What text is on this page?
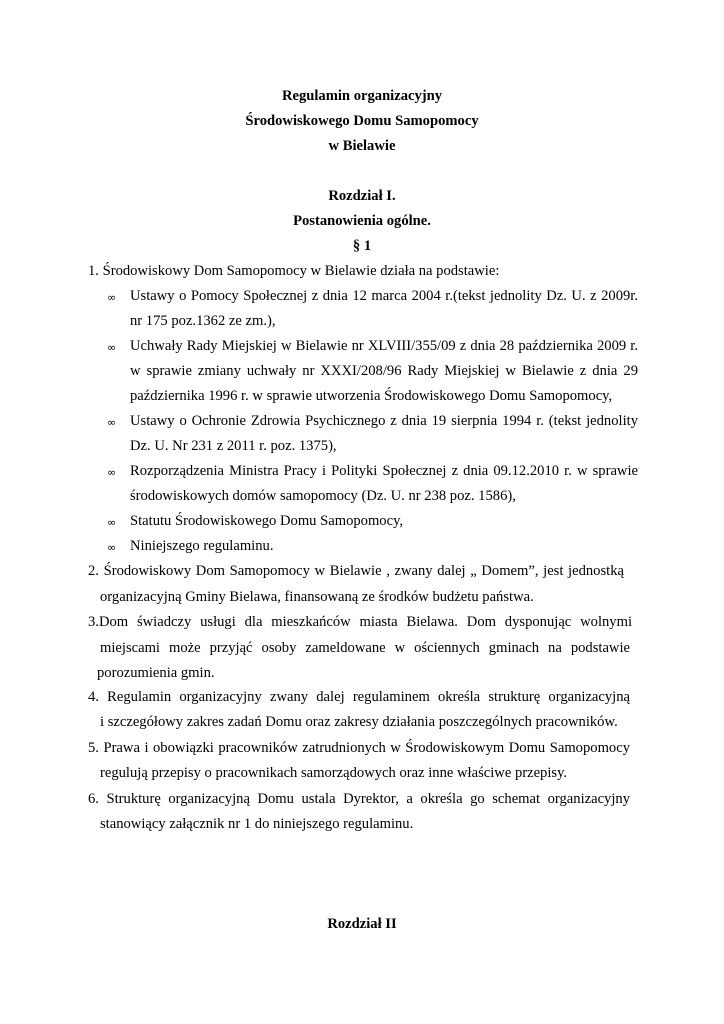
Regulamin organizacyjny
Środowiskowego Domu Samopomocy
w Bielawie
Rozdział I.
Postanowienia ogólne.
§ 1
1. Środowiskowy Dom Samopomocy w Bielawie działa na podstawie:
∞ Ustawy o Pomocy Społecznej z dnia 12 marca 2004 r.(tekst jednolity Dz. U. z 2009r.
nr 175 poz.1362 ze zm.),
∞ Uchwały Rady Miejskiej w Bielawie nr XLVIII/355/09 z dnia 28 października 2009 r.
w sprawie zmiany uchwały nr XXXI/208/96 Rady Miejskiej w Bielawie z dnia 29
października 1996 r. w sprawie utworzenia Środowiskowego Domu Samopomocy,
∞ Ustawy o Ochronie Zdrowia Psychicznego z dnia 19 sierpnia 1994 r. (tekst jednolity
Dz. U. Nr 231 z 2011 r. poz. 1375),
∞ Rozporządzenia Ministra Pracy i Polityki Społecznej z dnia 09.12.2010 r. w sprawie
środowiskowych domów samopomocy (Dz. U. nr 238 poz. 1586),
∞ Statutu Środowiskowego Domu Samopomocy,
∞ Niniejszego regulaminu.
2. Środowiskowy Dom Samopomocy w Bielawie , zwany dalej „ Domem”, jest jednostką
organizacyjną Gminy Bielawa, finansowaną ze środków budżetu państwa.
3.Dom świadczy usługi dla mieszkańców miasta Bielawa. Dom dysponując wolnymi
miejscami może przyjąć osoby zameldowane w ościennych gminach na podstawie
porozumienia gmin.
4. Regulamin organizacyjny zwany dalej regulaminem określa strukturę organizacyjną
i szczegółowy zakres zadań Domu oraz zakresy działania poszczególnych pracowników.
5. Prawa i obowiązki pracowników zatrudnionych w Środowiskowym Domu Samopomocy
regulują przepisy o pracownikach samorządowych oraz inne właściwe przepisy.
6. Strukturę organizacyjną Domu ustala Dyrektor, a określa go schemat organizacyjny
stanowiący załącznik nr 1 do niniejszego regulaminu.
Rozdział II
